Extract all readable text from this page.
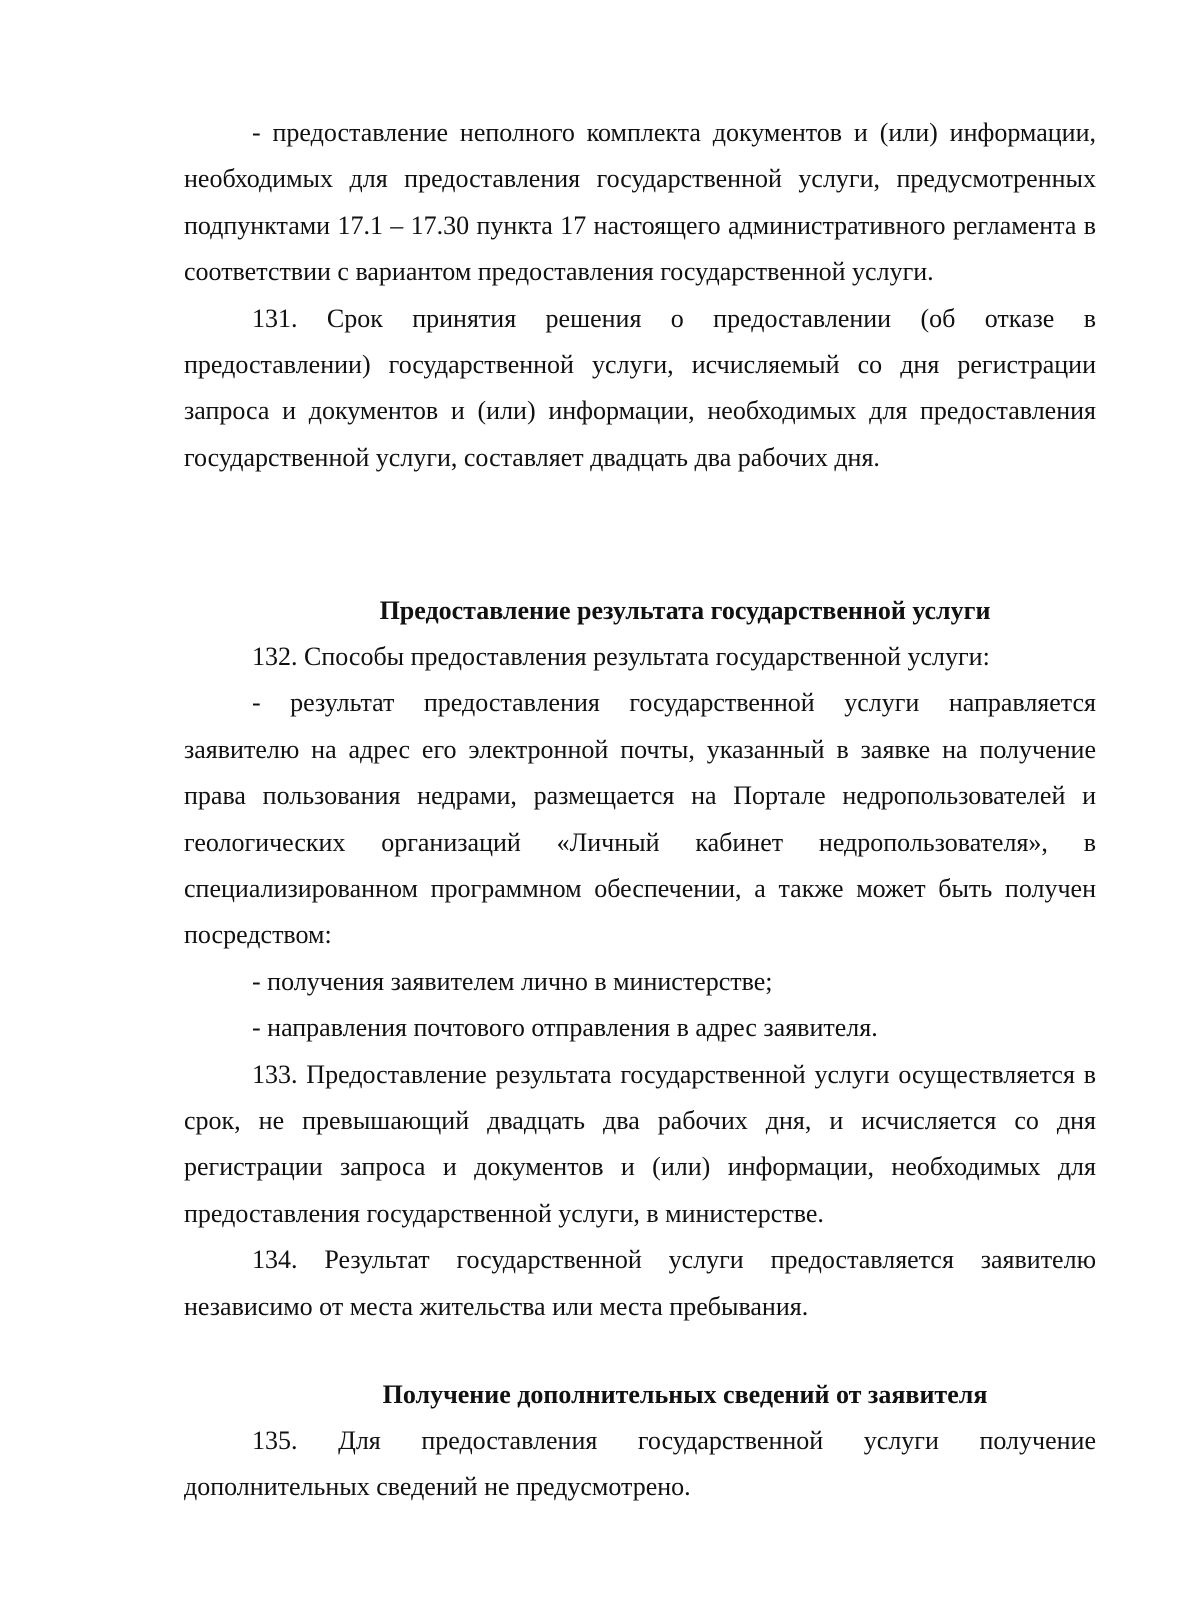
- предоставление неполного комплекта документов и (или) информации, необходимых для предоставления государственной услуги, предусмотренных подпунктами 17.1 – 17.30 пункта 17 настоящего административного регламента в соответствии с вариантом предоставления государственной услуги.

131. Срок принятия решения о предоставлении (об отказе в предоставлении) государственной услуги, исчисляемый со дня регистрации запроса и документов и (или) информации, необходимых для предоставления государственной услуги, составляет двадцать два рабочих дня.

Предоставление результата государственной услуги

132. Способы предоставления результата государственной услуги:

- результат предоставления государственной услуги направляется заявителю на адрес его электронной почты, указанный в заявке на получение права пользования недрами, размещается на Портале недропользователей и геологических организаций «Личный кабинет недропользователя», в специализированном программном обеспечении, а также может быть получен посредством:

- получения заявителем лично в министерстве;

- направления почтового отправления в адрес заявителя.

133. Предоставление результата государственной услуги осуществляется в срок, не превышающий двадцать два рабочих дня, и исчисляется со дня регистрации запроса и документов и (или) информации, необходимых для предоставления государственной услуги, в министерстве.

134. Результат государственной услуги предоставляется заявителю независимо от места жительства или места пребывания.

Получение дополнительных сведений от заявителя

135. Для предоставления государственной услуги получение дополнительных сведений не предусмотрено.
